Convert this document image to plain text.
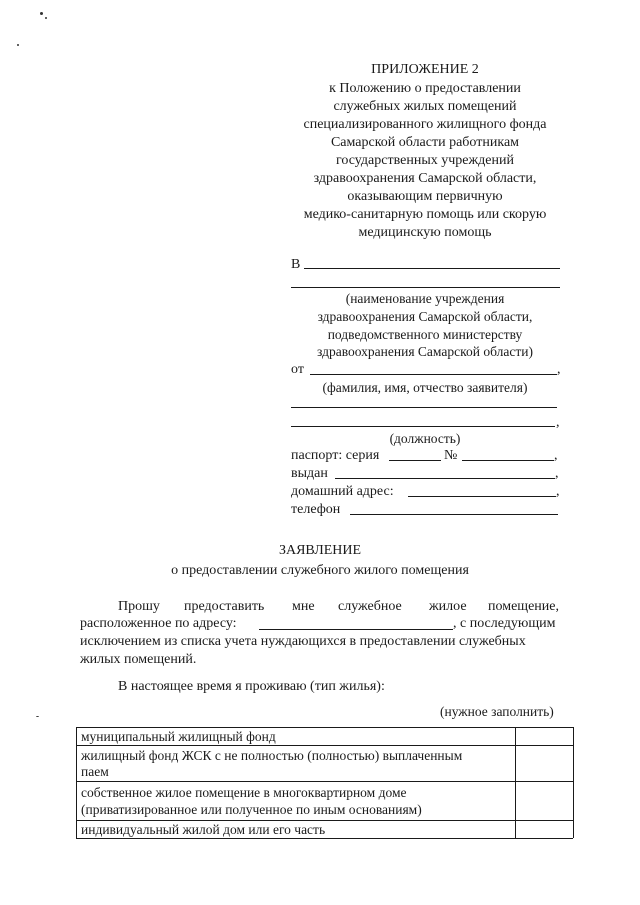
ПРИЛОЖЕНИЕ 2
к Положению о предоставлении
служебных жилых помещений
специализированного жилищного фонда
Самарской области работникам
государственных учреждений
здравоохранения Самарской области,
оказывающим первичную
медико-санитарную помощь или скорую
медицинскую помощь
В
(наименование учреждения
здравоохранения Самарской области,
подведомственного министерству
здравоохранения Самарской области)
от	,
(фамилия, имя, отчество заявителя)
,
(должность)
паспорт: серия	№	,
выдан	,
домашний адрес:	,
телефон
ЗАЯВЛЕНИЕ
о предоставлении служебного жилого помещения
Прошу предоставить мне служебное жилое помещение,
расположенное по адресу:	, с последующим
исключением из списка учета нуждающихся в предоставлении служебных
жилых помещений.
В настоящее время я проживаю (тип жилья):
(нужное заполнить)
муниципальный жилищный фонд
жилищный фонд ЖСК с не полностью (полностью) выплаченным
паем
собственное жилое помещение в многоквартирном доме
(приватизированное или полученное по иным основаниям)
индивидуальный жилой дом или его часть
